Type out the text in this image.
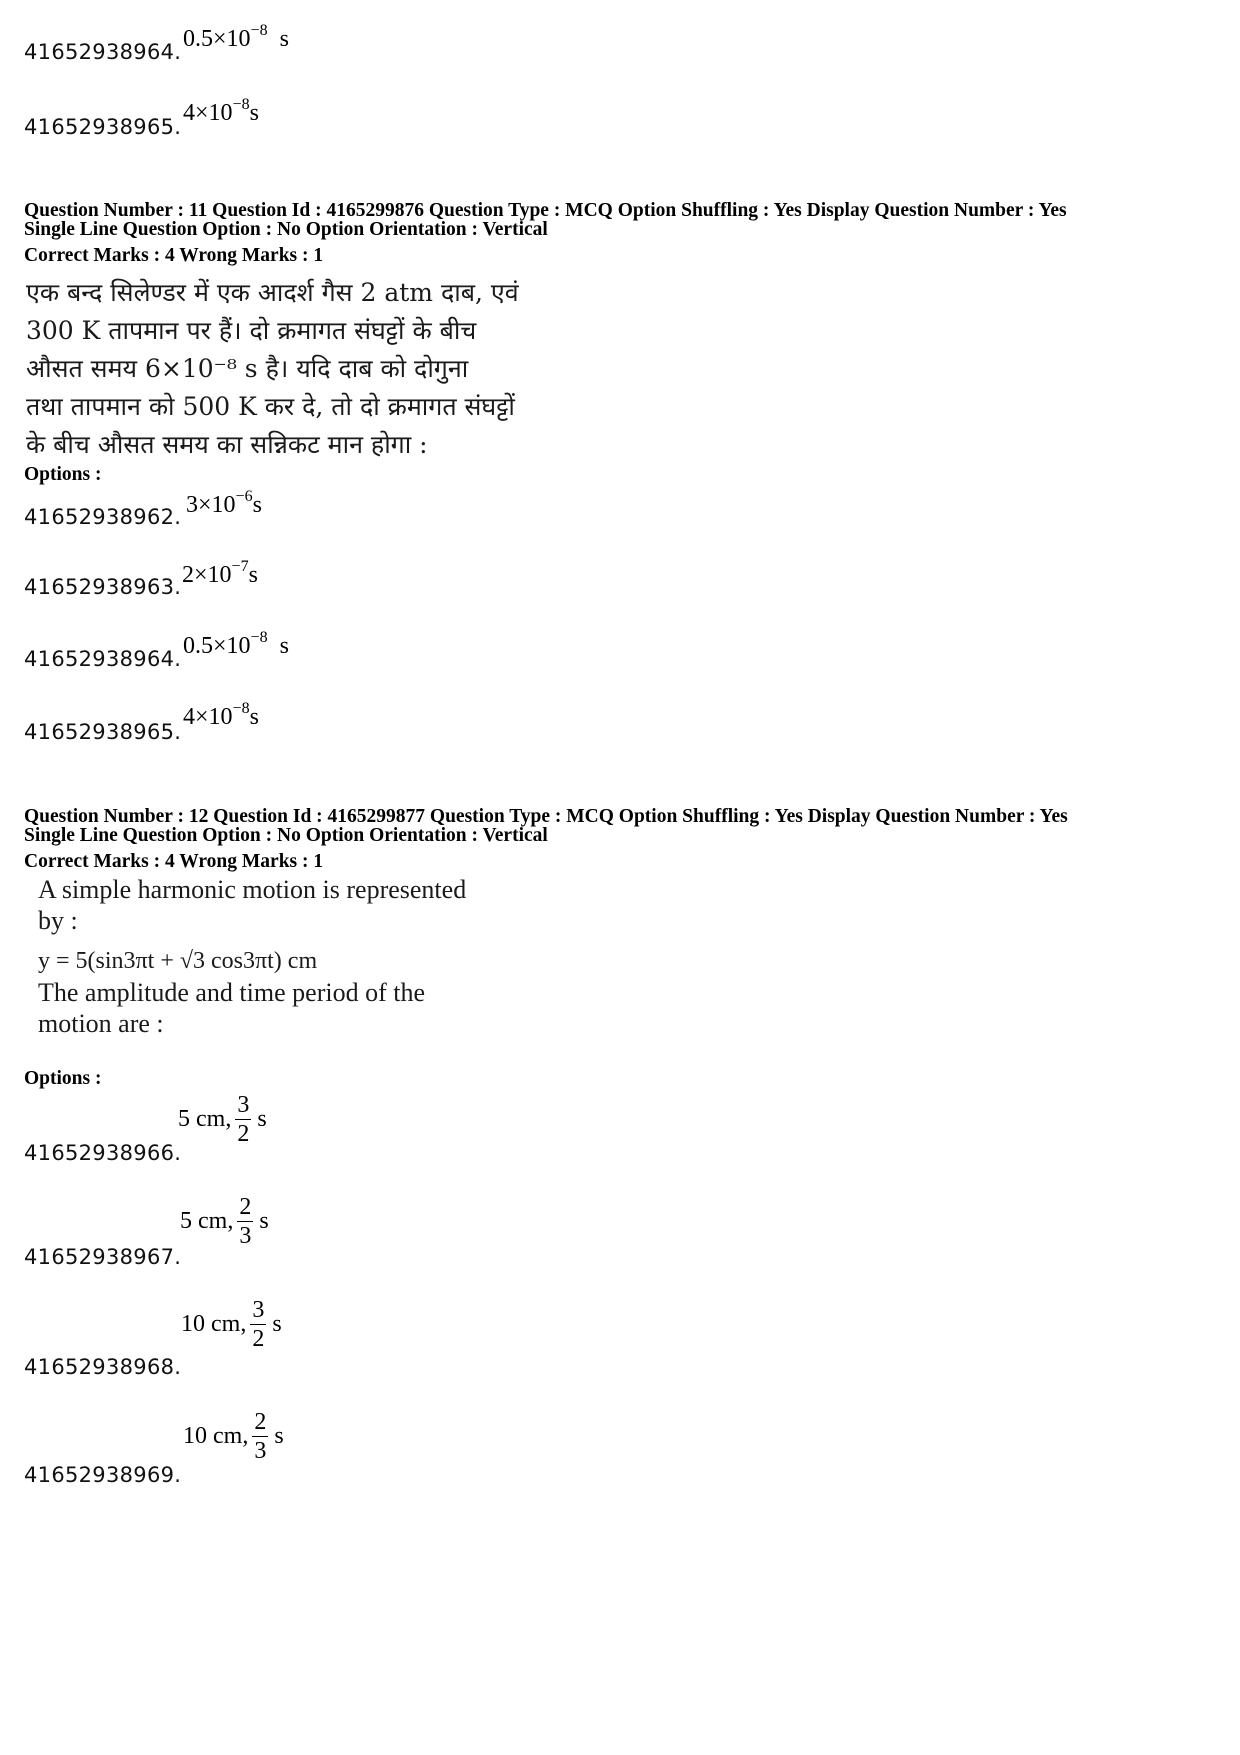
41652938964. $0.5\times 10^{-8}$ s
41652938965.
$4\times 10^{-8}s$
Question Number : 11 Question Id : 4165299876 Question Type : MCQ Option Shuffling : Yes Display Question Number : Yes
Single Line Question Option : No Option Orientation : Vertical
Correct Marks : 4 Wrong Marks : 1
एक बन्द सिलेण्डर में एक आदर्श गैस 2 atm दाब, एवं
300 K तापमान पर हैं। दो क्रमागत संघट्टों के बीच
औसत समय 6×10⁻⁸ s है। यदि दाब को दोगुना
तथा तापमान को 500 K कर दे, तो दो क्रमागत संघट्टों
के बीच औसत समय का सन्निकट मान होगा :
Options :
41652938962. $3\times 10^{-6}s$
41652938963. $2\times 10^{-7}s$
41652938964. $0.5\times 10^{-8}$ s
41652938965.
$4\times 10^{-8}s$
Question Number : 12 Question Id : 4165299877 Question Type : MCQ Option Shuffling : Yes Display Question Number : Yes
Single Line Question Option : No Option Orientation : Vertical
Correct Marks : 4 Wrong Marks : 1
A simple harmonic motion is represented
by :
y = 5(sin3πt + √3 cos3πt) cm
The amplitude and time period of the
motion are :
Options :
41652938966.
5 cm, $\frac{3}{2}$ s
41652938967.
5 cm, $\frac{2}{3}$ s
41652938968.
10 cm, $\frac{3}{2}$ s
41652938969.
10 cm, $\frac{2}{3}$ s
